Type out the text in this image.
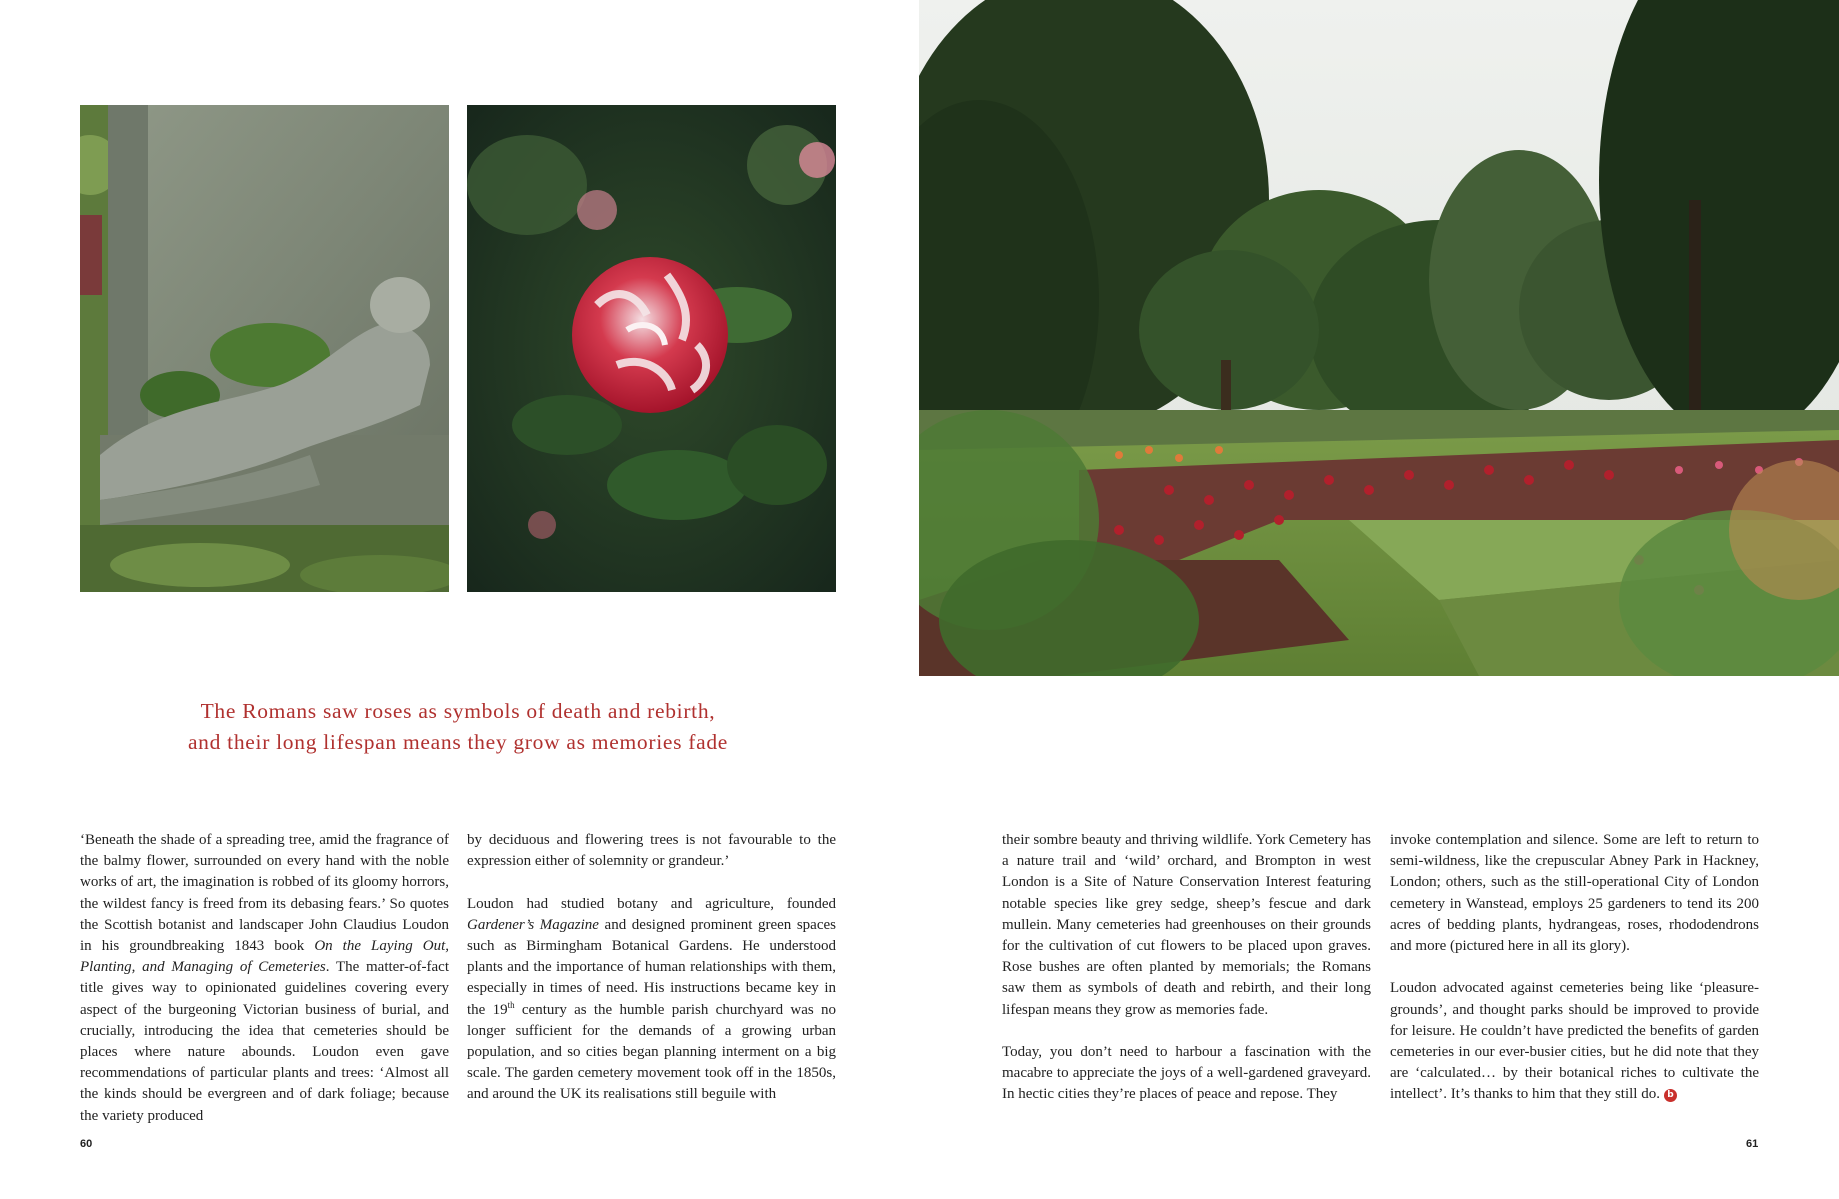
The Romans saw roses as symbols of death and rebirth,
and their long lifespan means they grow as memories fade

‘Beneath the shade of a spreading tree, amid the fragrance of the balmy flower, surrounded on every hand with the noble works of art, the imagination is robbed of its gloomy horrors, the wildest fancy is freed from its debasing fears.’ So quotes the Scottish botanist and landscaper John Claudius Loudon in his groundbreaking 1843 book On the Laying Out, Planting, and Managing of Cemeteries. The matter-of-fact title gives way to opinionated guidelines covering every aspect of the burgeoning Victorian business of burial, and crucially, introducing the idea that cemeteries should be places where nature abounds. Loudon even gave recommendations of particular plants and trees: ‘Almost all the kinds should be evergreen and of dark foliage; because the variety produced

by deciduous and flowering trees is not favourable to the expression either of solemnity or grandeur.’

Loudon had studied botany and agriculture, founded Gardener’s Magazine and designed prominent green spaces such as Birmingham Botanical Gardens. He understood plants and the importance of human relationships with them, especially in times of need. His instructions became key in the 19th century as the humble parish churchyard was no longer sufficient for the demands of a growing urban population, and so cities began planning interment on a big scale. The garden cemetery movement took off in the 1850s, and around the UK its realisations still beguile with

their sombre beauty and thriving wildlife. York Cemetery has a nature trail and ‘wild’ orchard, and Brompton in west London is a Site of Nature Conservation Interest featuring notable species like grey sedge, sheep’s fescue and dark mullein. Many cemeteries had greenhouses on their grounds for the cultivation of cut flowers to be placed upon graves. Rose bushes are often planted by memorials; the Romans saw them as symbols of death and rebirth, and their long lifespan means they grow as memories fade.

Today, you don’t need to harbour a fascination with the macabre to appreciate the joys of a well-gardened graveyard. In hectic cities they’re places of peace and repose. They

invoke contemplation and silence. Some are left to return to semi-wildness, like the crepuscular Abney Park in Hackney, London; others, such as the still-operational City of London cemetery in Wanstead, employs 25 gardeners to tend its 200 acres of bedding plants, hydrangeas, roses, rhododendrons and more (pictured here in all its glory).

Loudon advocated against cemeteries being like ‘pleasure-grounds’, and thought parks should be improved to provide for leisure. He couldn’t have predicted the benefits of garden cemeteries in our ever-busier cities, but he did note that they are ‘calculated… by their botanical riches to cultivate the intellect’. It’s thanks to him that they still do. b

60	61
